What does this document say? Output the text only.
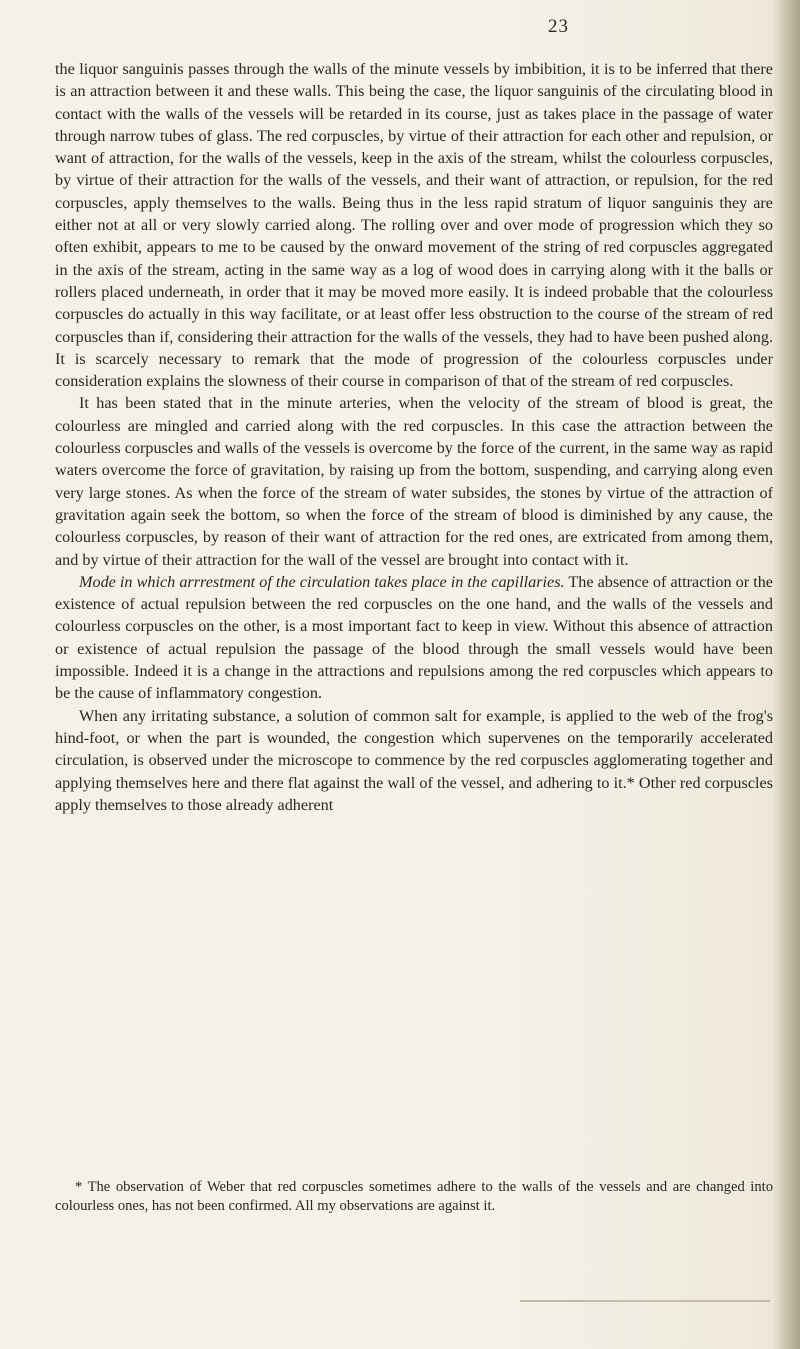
23

the liquor sanguinis passes through the walls of the minute vessels by imbibition, it is to be inferred that there is an attraction between it and these walls. This being the case, the liquor sanguinis of the circulating blood in contact with the walls of the vessels will be retarded in its course, just as takes place in the passage of water through narrow tubes of glass. The red corpuscles, by virtue of their attraction for each other and repulsion, or want of attraction, for the walls of the vessels, keep in the axis of the stream, whilst the colourless corpuscles, by virtue of their attraction for the walls of the vessels, and their want of attraction, or repulsion, for the red corpuscles, apply themselves to the walls. Being thus in the less rapid stratum of liquor sanguinis they are either not at all or very slowly carried along. The rolling over and over mode of progression which they so often exhibit, appears to me to be caused by the onward movement of the string of red corpuscles aggregated in the axis of the stream, acting in the same way as a log of wood does in carrying along with it the balls or rollers placed underneath, in order that it may be moved more easily. It is indeed probable that the colourless corpuscles do actually in this way facilitate, or at least offer less obstruction to the course of the stream of red corpuscles than if, considering their attraction for the walls of the vessels, they had to have been pushed along. It is scarcely necessary to remark that the mode of progression of the colourless corpuscles under consideration explains the slowness of their course in comparison of that of the stream of red corpuscles.

It has been stated that in the minute arteries, when the velocity of the stream of blood is great, the colourless are mingled and carried along with the red corpuscles. In this case the attraction between the colourless corpuscles and walls of the vessels is overcome by the force of the current, in the same way as rapid waters overcome the force of gravitation, by raising up from the bottom, suspending, and carrying along even very large stones. As when the force of the stream of water subsides, the stones by virtue of the attraction of gravitation again seek the bottom, so when the force of the stream of blood is diminished by any cause, the colourless corpuscles, by reason of their want of attraction for the red ones, are extricated from among them, and by virtue of their attraction for the wall of the vessel are brought into contact with it.

Mode in which arrrestment of the circulation takes place in the capillaries. The absence of attraction or the existence of actual repulsion between the red corpuscles on the one hand, and the walls of the vessels and colourless corpuscles on the other, is a most important fact to keep in view. Without this absence of attraction or existence of actual repulsion the passage of the blood through the small vessels would have been impossible. Indeed it is a change in the attractions and repulsions among the red corpuscles which appears to be the cause of inflammatory congestion.

When any irritating substance, a solution of common salt for example, is applied to the web of the frog's hind-foot, or when the part is wounded, the congestion which supervenes on the temporarily accelerated circulation, is observed under the microscope to commence by the red corpuscles agglomerating together and applying themselves here and there flat against the wall of the vessel, and adhering to it.* Other red corpuscles apply themselves to those already adherent

* The observation of Weber that red corpuscles sometimes adhere to the walls of the vessels and are changed into colourless ones, has not been confirmed. All my observations are against it.
